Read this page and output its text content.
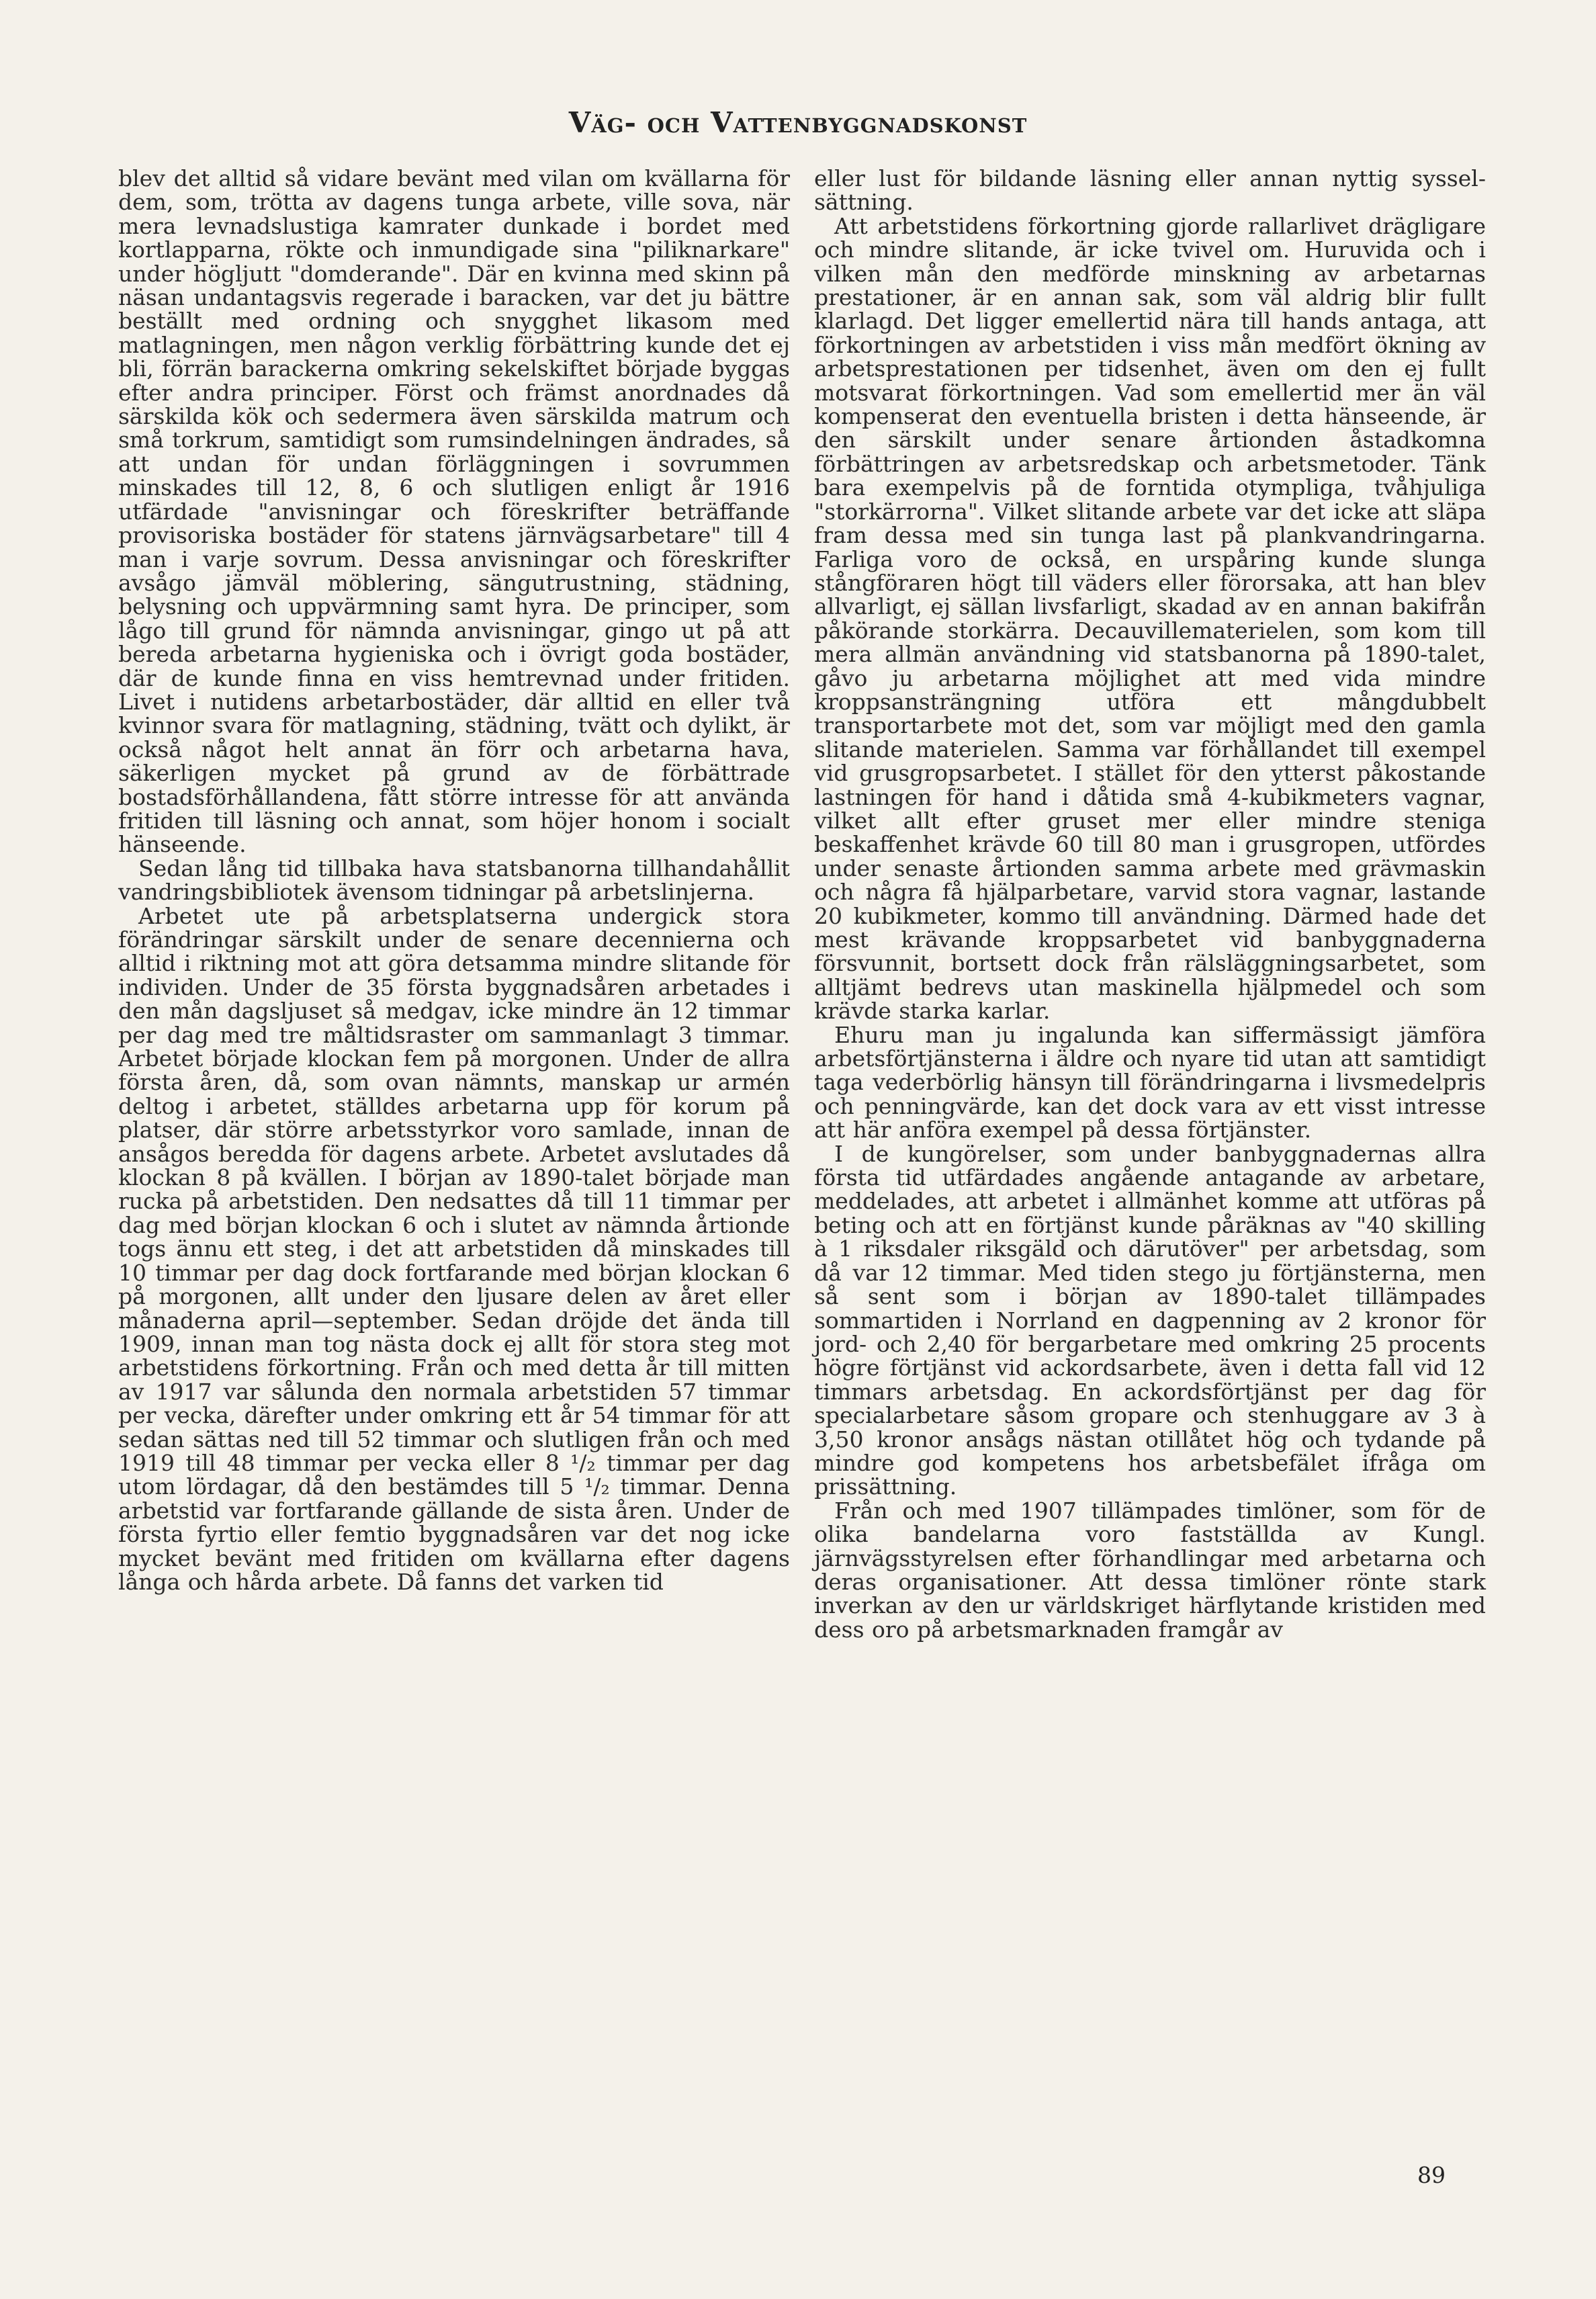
Väg- och Vattenbyggnadskonst

blev det alltid så vidare bevänt med vilan om kvällarna för dem, som, trötta av dagens tunga arbete, ville sova, när mera levnadslustiga kamrater dunkade i bordet med kortlapparna, rökte och inmundigade sina "piliknarkare" under högljutt "domderande". Där en kvinna med skinn på näsan undantagsvis regerade i baracken, var det ju bättre beställt med ordning och snygghet likasom med matlagningen, men någon verklig förbättring kunde det ej bli, förrän barackerna omkring sekelskiftet började byggas efter andra principer. Först och främst anordnades då särskilda kök och sedermera även särskilda matrum och små torkrum, samtidigt som rumsindelningen ändrades, så att undan för undan förläggningen i sovrummen minskades till 12, 8, 6 och slutligen enligt år 1916 utfärdade "anvisningar och föreskrifter beträffande provisoriska bostäder för statens järnvägsarbetare" till 4 man i varje sovrum. Dessa anvisningar och föreskrifter avsågo jämväl möblering, sängutrustning, städning, belysning och uppvärmning samt hyra. De principer, som lågo till grund för nämnda anvisningar, gingo ut på att bereda arbetarna hygieniska och i övrigt goda bostäder, där de kunde finna en viss hemtrevnad under fritiden. Livet i nutidens arbetarbostäder, där alltid en eller två kvinnor svara för matlagning, städning, tvätt och dylikt, är också något helt annat än förr och arbetarna hava, säkerligen mycket på grund av de förbättrade bostadsförhållandena, fått större intresse för att använda fritiden till läsning och annat, som höjer honom i socialt hänseende.

Sedan lång tid tillbaka hava statsbanorna tillhandahållit vandringsbibliotek ävensom tidningar på arbetslinjerna.

Arbetet ute på arbetsplatserna undergick stora förändringar särskilt under de senare decennierna och alltid i riktning mot att göra detsamma mindre slitande för individen. Under de 35 första byggnadsåren arbetades i den mån dagsljuset så medgav, icke mindre än 12 timmar per dag med tre måltidsraster om sammanlagt 3 timmar. Arbetet började klockan fem på morgonen. Under de allra första åren, då, som ovan nämnts, manskap ur armén deltog i arbetet, ställdes arbetarna upp för korum på platser, där större arbetsstyrkor voro samlade, innan de ansågos beredda för dagens arbete. Arbetet avslutades då klockan 8 på kvällen. I början av 1890-talet började man rucka på arbetstiden. Den nedsattes då till 11 timmar per dag med början klockan 6 och i slutet av nämnda årtionde togs ännu ett steg, i det att arbetstiden då minskades till 10 timmar per dag dock fortfarande med början klockan 6 på morgonen, allt under den ljusare delen av året eller månaderna april—september. Sedan dröjde det ända till 1909, innan man tog nästa dock ej allt för stora steg mot arbetstidens förkortning. Från och med detta år till mitten av 1917 var sålunda den normala arbetstiden 57 timmar per vecka, därefter under omkring ett år 54 timmar för att sedan sättas ned till 52 timmar och slutligen från och med 1919 till 48 timmar per vecka eller 8 ¹/₂ timmar per dag utom lördagar, då den bestämdes till 5 ¹/₂ timmar. Denna arbetstid var fortfarande gällande de sista åren. Under de första fyrtio eller femtio byggnadsåren var det nog icke mycket bevänt med fritiden om kvällarna efter dagens långa och hårda arbete. Då fanns det varken tid

eller lust för bildande läsning eller annan nyttig sysselsättning.

Att arbetstidens förkortning gjorde rallarlivet drägligare och mindre slitande, är icke tvivel om. Huruvida och i vilken mån den medförde minskning av arbetarnas prestationer, är en annan sak, som väl aldrig blir fullt klarlagd. Det ligger emellertid nära till hands antaga, att förkortningen av arbetstiden i viss mån medfört ökning av arbetsprestationen per tidsenhet, även om den ej fullt motsvarat förkortningen. Vad som emellertid mer än väl kompenserat den eventuella bristen i detta hänseende, är den särskilt under senare årtionden åstadkomna förbättringen av arbetsredskap och arbetsmetoder. Tänk bara exempelvis på de forntida otympliga, tvåhjuliga "storkärrorna". Vilket slitande arbete var det icke att släpa fram dessa med sin tunga last på plankvandringarna. Farliga voro de också, en urspåring kunde slunga stångföraren högt till väders eller förorsaka, att han blev allvarligt, ej sällan livsfarligt, skadad av en annan bakifrån påkörande storkärra. Decauvillematerielen, som kom till mera allmän användning vid statsbanorna på 1890-talet, gåvo ju arbetarna möjlighet att med vida mindre kroppsansträngning utföra ett mångdubbelt transportarbete mot det, som var möjligt med den gamla slitande materielen. Samma var förhållandet till exempel vid grusgropsarbetet. I stället för den ytterst påkostande lastningen för hand i dåtida små 4-kubikmeters vagnar, vilket allt efter gruset mer eller mindre steniga beskaffenhet krävde 60 till 80 man i grusgropen, utfördes under senaste årtionden samma arbete med grävmaskin och några få hjälparbetare, varvid stora vagnar, lastande 20 kubikmeter, kommo till användning. Därmed hade det mest krävande kroppsarbetet vid banbyggnaderna försvunnit, bortsett dock från rälsläggningsarbetet, som alltjämt bedrevs utan maskinella hjälpmedel och som krävde starka karlar.

Ehuru man ju ingalunda kan siffermässigt jämföra arbetsförtjänsterna i äldre och nyare tid utan att samtidigt taga vederbörlig hänsyn till förändringarna i livsmedelpris och penningvärde, kan det dock vara av ett visst intresse att här anföra exempel på dessa förtjänster.

I de kungörelser, som under banbyggnadernas allra första tid utfärdades angående antagande av arbetare, meddelades, att arbetet i allmänhet komme att utföras på beting och att en förtjänst kunde påräknas av "40 skilling à 1 riksdaler riksgäld och därutöver" per arbetsdag, som då var 12 timmar. Med tiden stego ju förtjänsterna, men så sent som i början av 1890-talet tillämpades sommartiden i Norrland en dagpenning av 2 kronor för jord- och 2,40 för bergarbetare med omkring 25 procents högre förtjänst vid ackordsarbete, även i detta fall vid 12 timmars arbetsdag. En ackordsförtjänst per dag för specialarbetare såsom gropare och stenhuggare av 3 à 3,50 kronor ansågs nästan otillåtet hög och tydande på mindre god kompetens hos arbetsbefälet ifråga om prissättning.

Från och med 1907 tillämpades timlöner, som för de olika bandelarna voro fastställda av Kungl. järnvägsstyrelsen efter förhandlingar med arbetarna och deras organisationer. Att dessa timlöner rönte stark inverkan av den ur världskriget härflytande kristiden med dess oro på arbetsmarknaden framgår av

89
